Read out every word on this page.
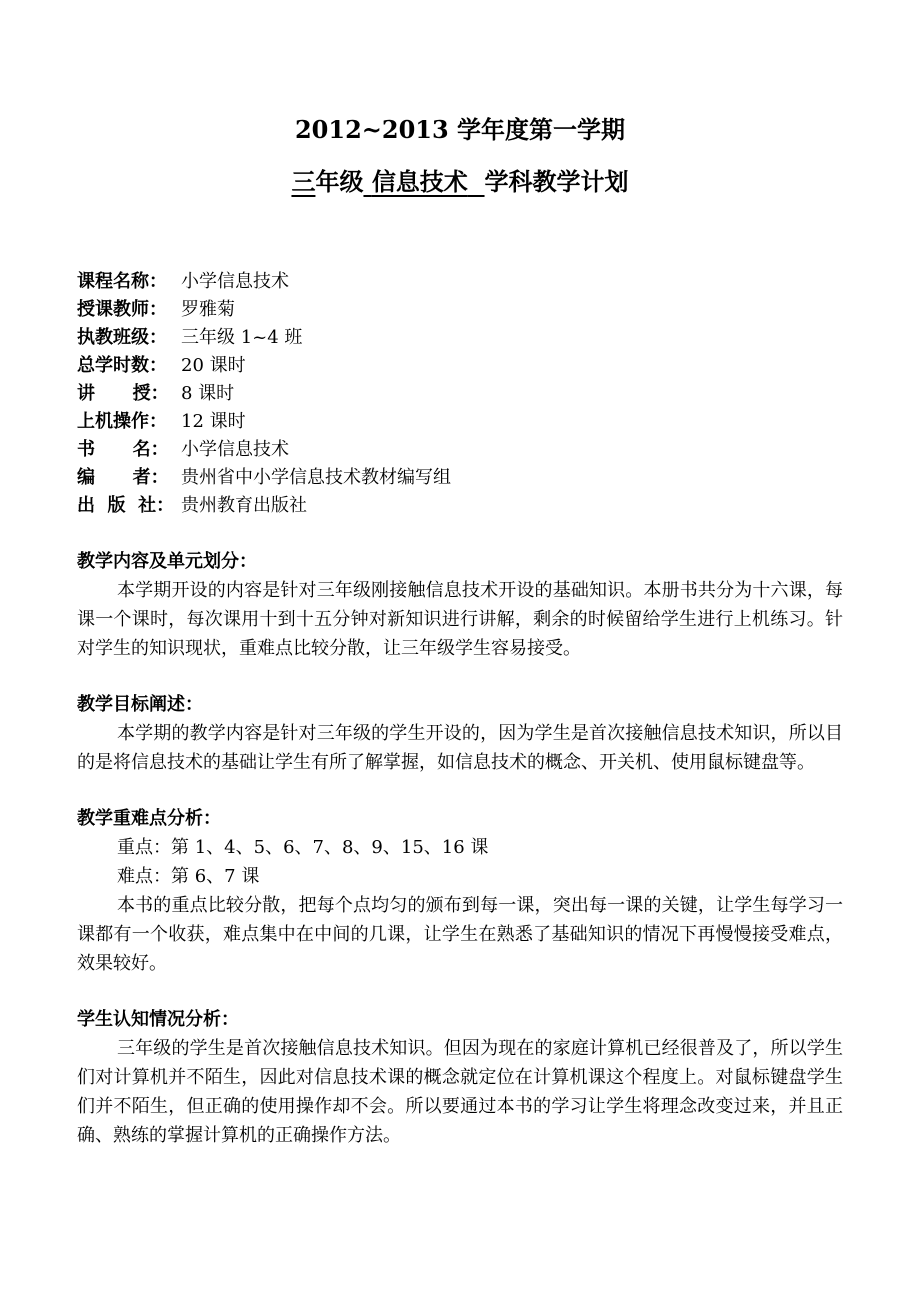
2012~2013 学年度第一学期
三年级 信息技术 学科教学计划
课程名称： 小学信息技术
授课教师： 罗雅菊
执教班级： 三年级 1~4 班
总学时数： 20 课时
讲      授： 8 课时
上机操作： 12 课时
书      名： 小学信息技术
编      者： 贵州省中小学信息技术教材编写组
出  版  社： 贵州教育出版社
教学内容及单元划分：

本学期开设的内容是针对三年级刚接触信息技术开设的基础知识。本册书共分为十六课，每课一个课时，每次课用十到十五分钟对新知识进行讲解，剩余的时候留给学生进行上机练习。针对学生的知识现状，重难点比较分散，让三年级学生容易接受。

教学目标阐述：

本学期的教学内容是针对三年级的学生开设的，因为学生是首次接触信息技术知识，所以目的是将信息技术的基础让学生有所了解掌握，如信息技术的概念、开关机、使用鼠标键盘等。

教学重难点分析：

重点：第 1、4、5、6、7、8、9、15、16 课

难点：第 6、7 课

本书的重点比较分散，把每个点均匀的颁布到每一课，突出每一课的关键，让学生每学习一课都有一个收获，难点集中在中间的几课，让学生在熟悉了基础知识的情况下再慢慢接受难点，效果较好。

学生认知情况分析：

三年级的学生是首次接触信息技术知识。但因为现在的家庭计算机已经很普及了，所以学生们对计算机并不陌生，因此对信息技术课的概念就定位在计算机课这个程度上。对鼠标键盘学生们并不陌生，但正确的使用操作却不会。所以要通过本书的学习让学生将理念改变过来，并且正确、熟练的掌握计算机的正确操作方法。
